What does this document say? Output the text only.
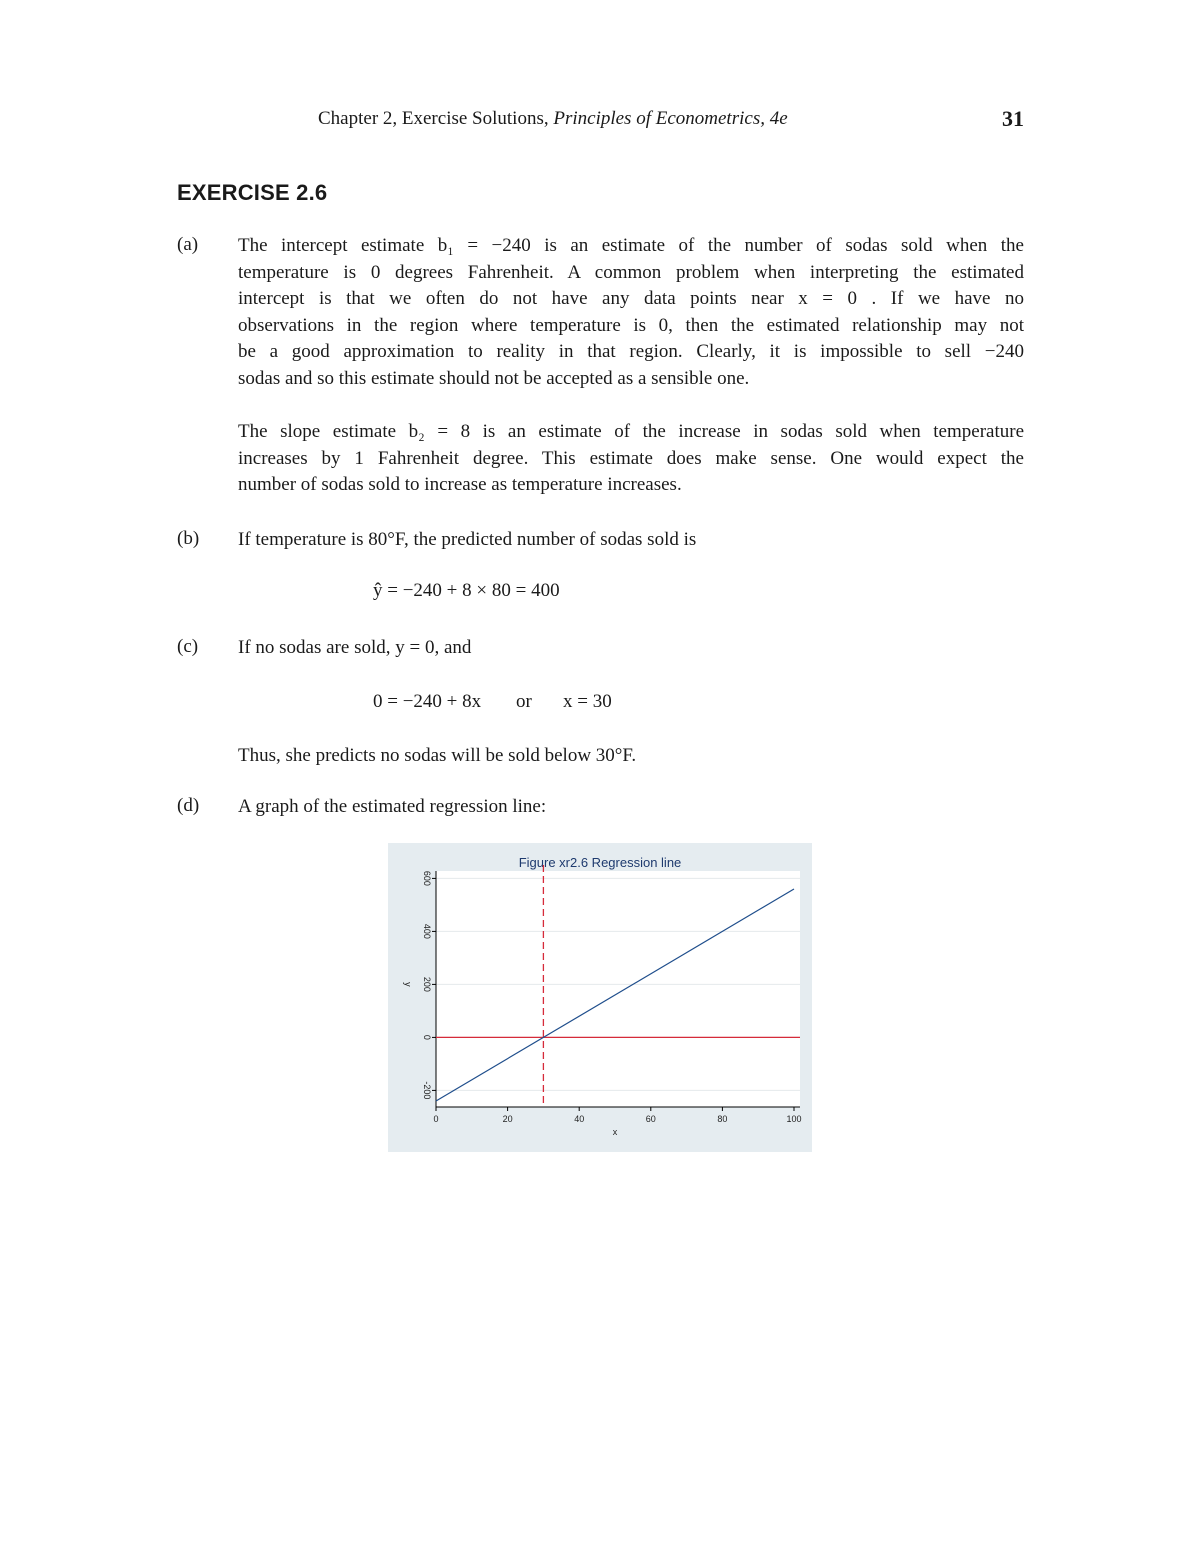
Chapter 2, Exercise Solutions, Principles of Econometrics, 4e	31
EXERCISE 2.6
(a) The intercept estimate b₁ = −240 is an estimate of the number of sodas sold when the
temperature is 0 degrees Fahrenheit. A common problem when interpreting the estimated
intercept is that we often do not have any data points near x = 0 . If we have no
observations in the region where temperature is 0, then the estimated relationship may not
be a good approximation to reality in that region. Clearly, it is impossible to sell −240
sodas and so this estimate should not be accepted as a sensible one.
The slope estimate b₂ = 8 is an estimate of the increase in sodas sold when temperature
increases by 1 Fahrenheit degree. This estimate does make sense. One would expect the
number of sodas sold to increase as temperature increases.
(b) If temperature is 80°F, the predicted number of sodas sold is
ŷ = −240 + 8 × 80 = 400
(c) If no sodas are sold, y = 0, and
0 = −240 + 8x or x = 30
Thus, she predicts no sodas will be sold below 30°F.
(d) A graph of the estimated regression line:
Figure xr2.6 Regression line
-200
0
200
400
600
0	20	40	60	80	100
x
y
